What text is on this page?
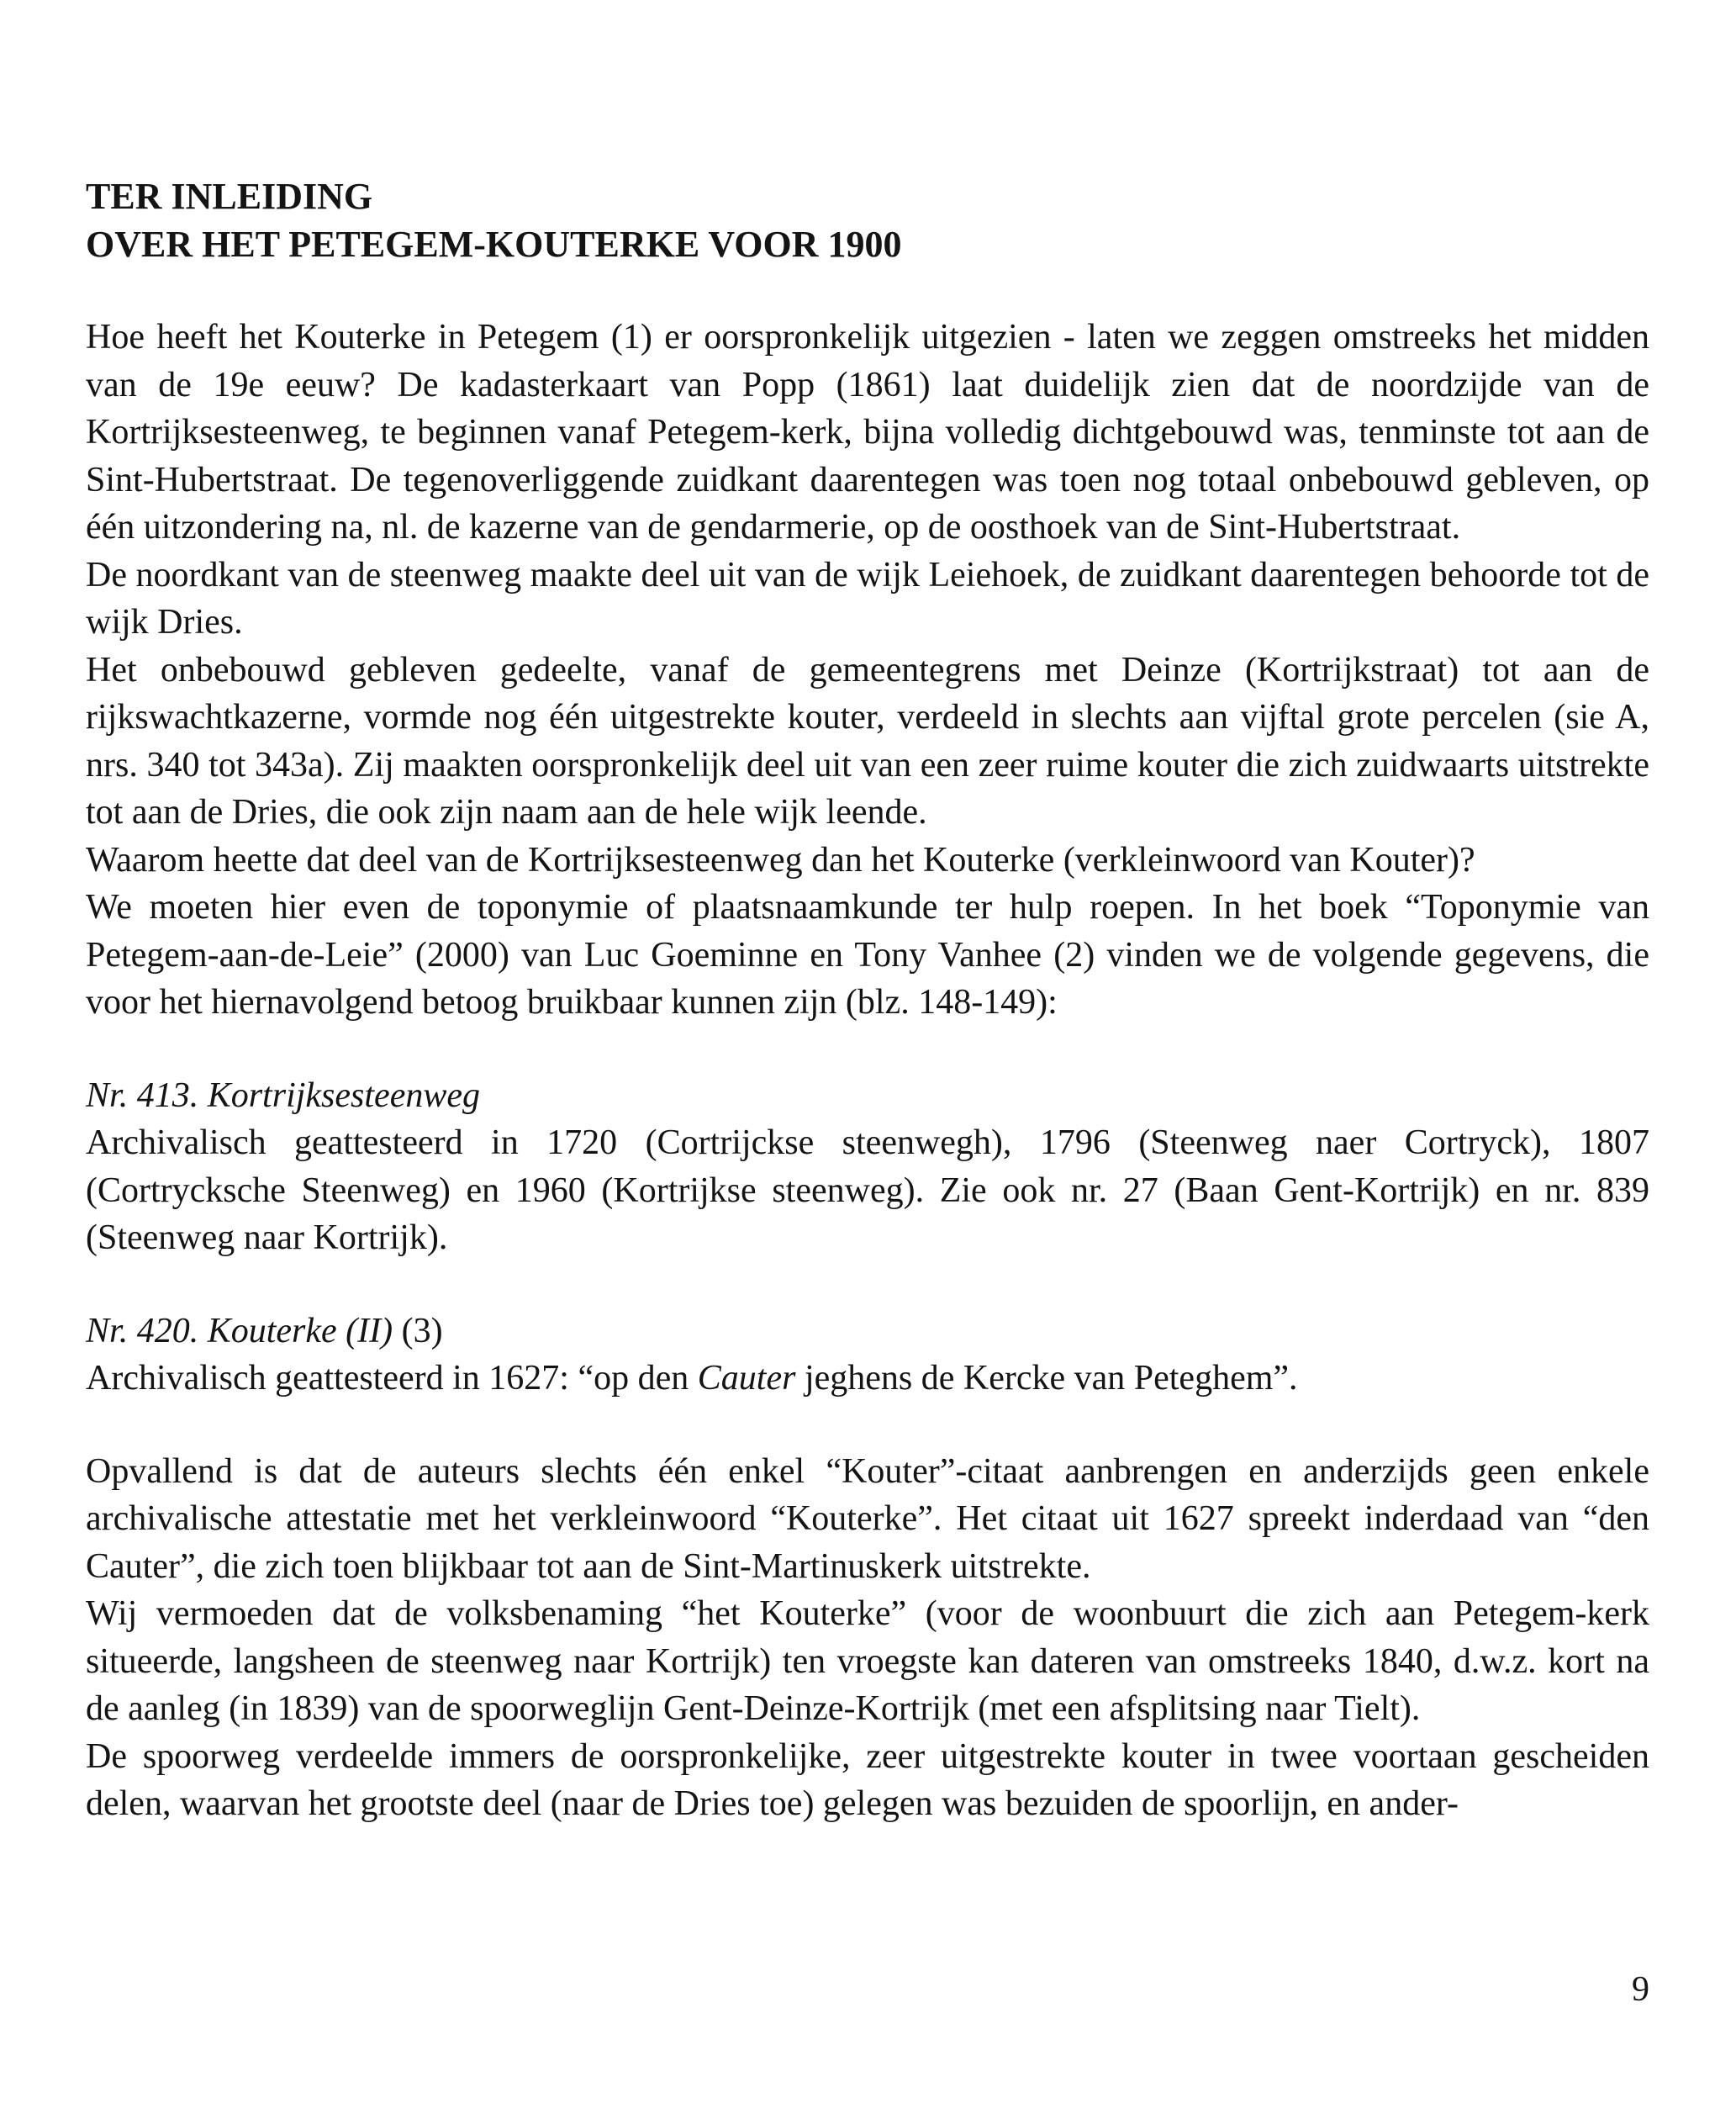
TER INLEIDING

OVER HET PETEGEM-KOUTERKE VOOR 1900

Hoe heeft het Kouterke in Petegem (1) er oorspronkelijk uitgezien - laten we zeggen omstreeks het midden van de 19e eeuw? De kadasterkaart van Popp (1861) laat duidelijk zien dat de noordzijde van de Kortrijksesteenweg, te beginnen vanaf Petegem-kerk, bijna volledig dichtgebouwd was, tenminste tot aan de Sint-Hubertstraat. De tegenoverliggende zuidkant daarentegen was toen nog totaal onbebouwd gebleven, op één uitzondering na, nl. de kazerne van de gendarmerie, op de oosthoek van de Sint-Hubertstraat.

De noordkant van de steenweg maakte deel uit van de wijk Leiehoek, de zuidkant daarentegen behoorde tot de wijk Dries.

Het onbebouwd gebleven gedeelte, vanaf de gemeentegrens met Deinze (Kortrijkstraat) tot aan de rijkswachtkazerne, vormde nog één uitgestrekte kouter, verdeeld in slechts aan vijftal grote percelen (sie A, nrs. 340 tot 343a). Zij maakten oorspronkelijk deel uit van een zeer ruime kouter die zich zuidwaarts uitstrekte tot aan de Dries, die ook zijn naam aan de hele wijk leende.

Waarom heette dat deel van de Kortrijksesteenweg dan het Kouterke (verkleinwoord van Kouter)?

We moeten hier even de toponymie of plaatsnaamkunde ter hulp roepen. In het boek “Toponymie van Petegem-aan-de-Leie” (2000) van Luc Goeminne en Tony Vanhee (2) vinden we de volgende gegevens, die voor het hiernavolgend betoog bruikbaar kunnen zijn (blz. 148-149):

Nr. 413. Kortrijksesteenweg

Archivalisch geattesteerd in 1720 (Cortrijckse steenwegh), 1796 (Steenweg naer Cortryck), 1807 (Cortrycksche Steenweg) en 1960 (Kortrijkse steenweg). Zie ook nr. 27 (Baan Gent-Kortrijk) en nr. 839 (Steenweg naar Kortrijk).

Nr. 420. Kouterke (II) (3)

Archivalisch geattesteerd in 1627: “op den Cauter jeghens de Kercke van Peteghem”.

Opvallend is dat de auteurs slechts één enkel “Kouter”-citaat aanbrengen en anderzijds geen enkele archivalische attestatie met het verkleinwoord “Kouterke”. Het citaat uit 1627 spreekt inderdaad van “den Cauter”, die zich toen blijkbaar tot aan de Sint-Martinuskerk uitstrekte.

Wij vermoeden dat de volksbenaming “het Kouterke” (voor de woonbuurt die zich aan Petegem-kerk situeerde, langsheen de steenweg naar Kortrijk) ten vroegste kan dateren van omstreeks 1840, d.w.z. kort na de aanleg (in 1839) van de spoorweglijn Gent-Deinze-Kortrijk (met een afsplitsing naar Tielt).

De spoorweg verdeelde immers de oorspronkelijke, zeer uitgestrekte kouter in twee voortaan gescheiden delen, waarvan het grootste deel (naar de Dries toe) gelegen was bezuiden de spoorlijn, en ander-

9
